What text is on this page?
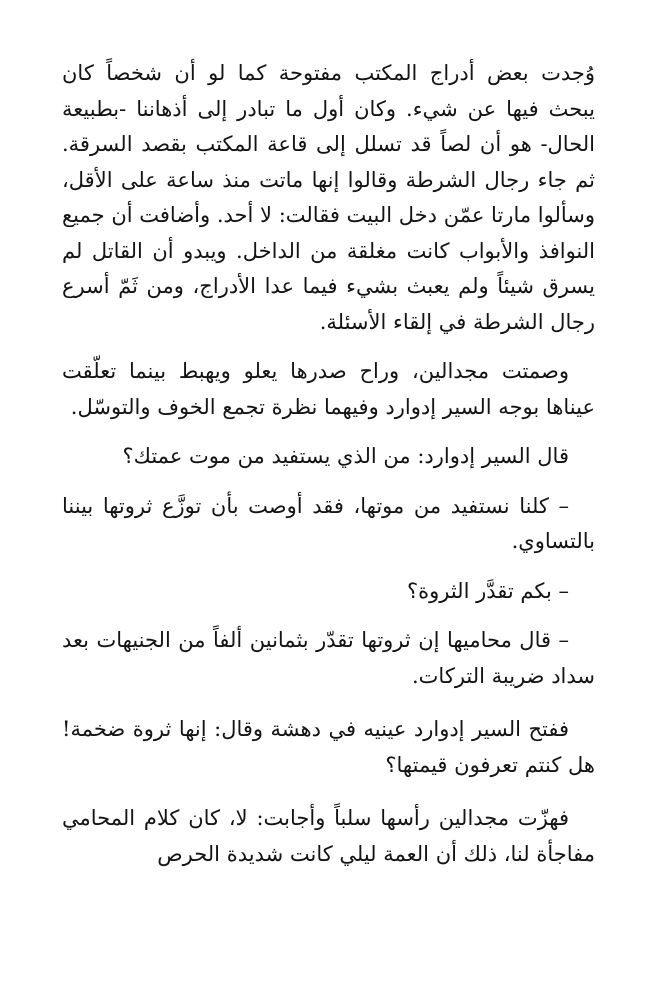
وُجدت بعض أدراج المكتب مفتوحة كما لو أن شخصاً كان يبحث فيها عن شيء. وكان أول ما تبادر إلى أذهاننا -بطبيعة الحال- هو أن لصاً قد تسلل إلى قاعة المكتب بقصد السرقة. ثم جاء رجال الشرطة وقالوا إنها ماتت منذ ساعة على الأقل، وسألوا مارتا عمّن دخل البيت فقالت: لا أحد. وأضافت أن جميع النوافذ والأبواب كانت مغلقة من الداخل. ويبدو أن القاتل لم يسرق شيئاً ولم يعبث بشيء فيما عدا الأدراج، ومن ثَمّ أسرع رجال الشرطة في إلقاء الأسئلة.

وصمتت مجدالين، وراح صدرها يعلو ويهبط بينما تعلّقت عيناها بوجه السير إدوارد وفيهما نظرة تجمع الخوف والتوسّل.

قال السير إدوارد: من الذي يستفيد من موت عمتك؟

– كلنا نستفيد من موتها، فقد أوصت بأن توزَّع ثروتها بيننا بالتساوي.

– بكم تقدَّر الثروة؟

– قال محاميها إن ثروتها تقدّر بثمانين ألفاً من الجنيهات بعد سداد ضريبة التركات.

ففتح السير إدوارد عينيه في دهشة وقال: إنها ثروة ضخمة! هل كنتم تعرفون قيمتها؟

فهزّت مجدالين رأسها سلباً وأجابت: لا، كان كلام المحامي مفاجأة لنا، ذلك أن العمة ليلي كانت شديدة الحرص
